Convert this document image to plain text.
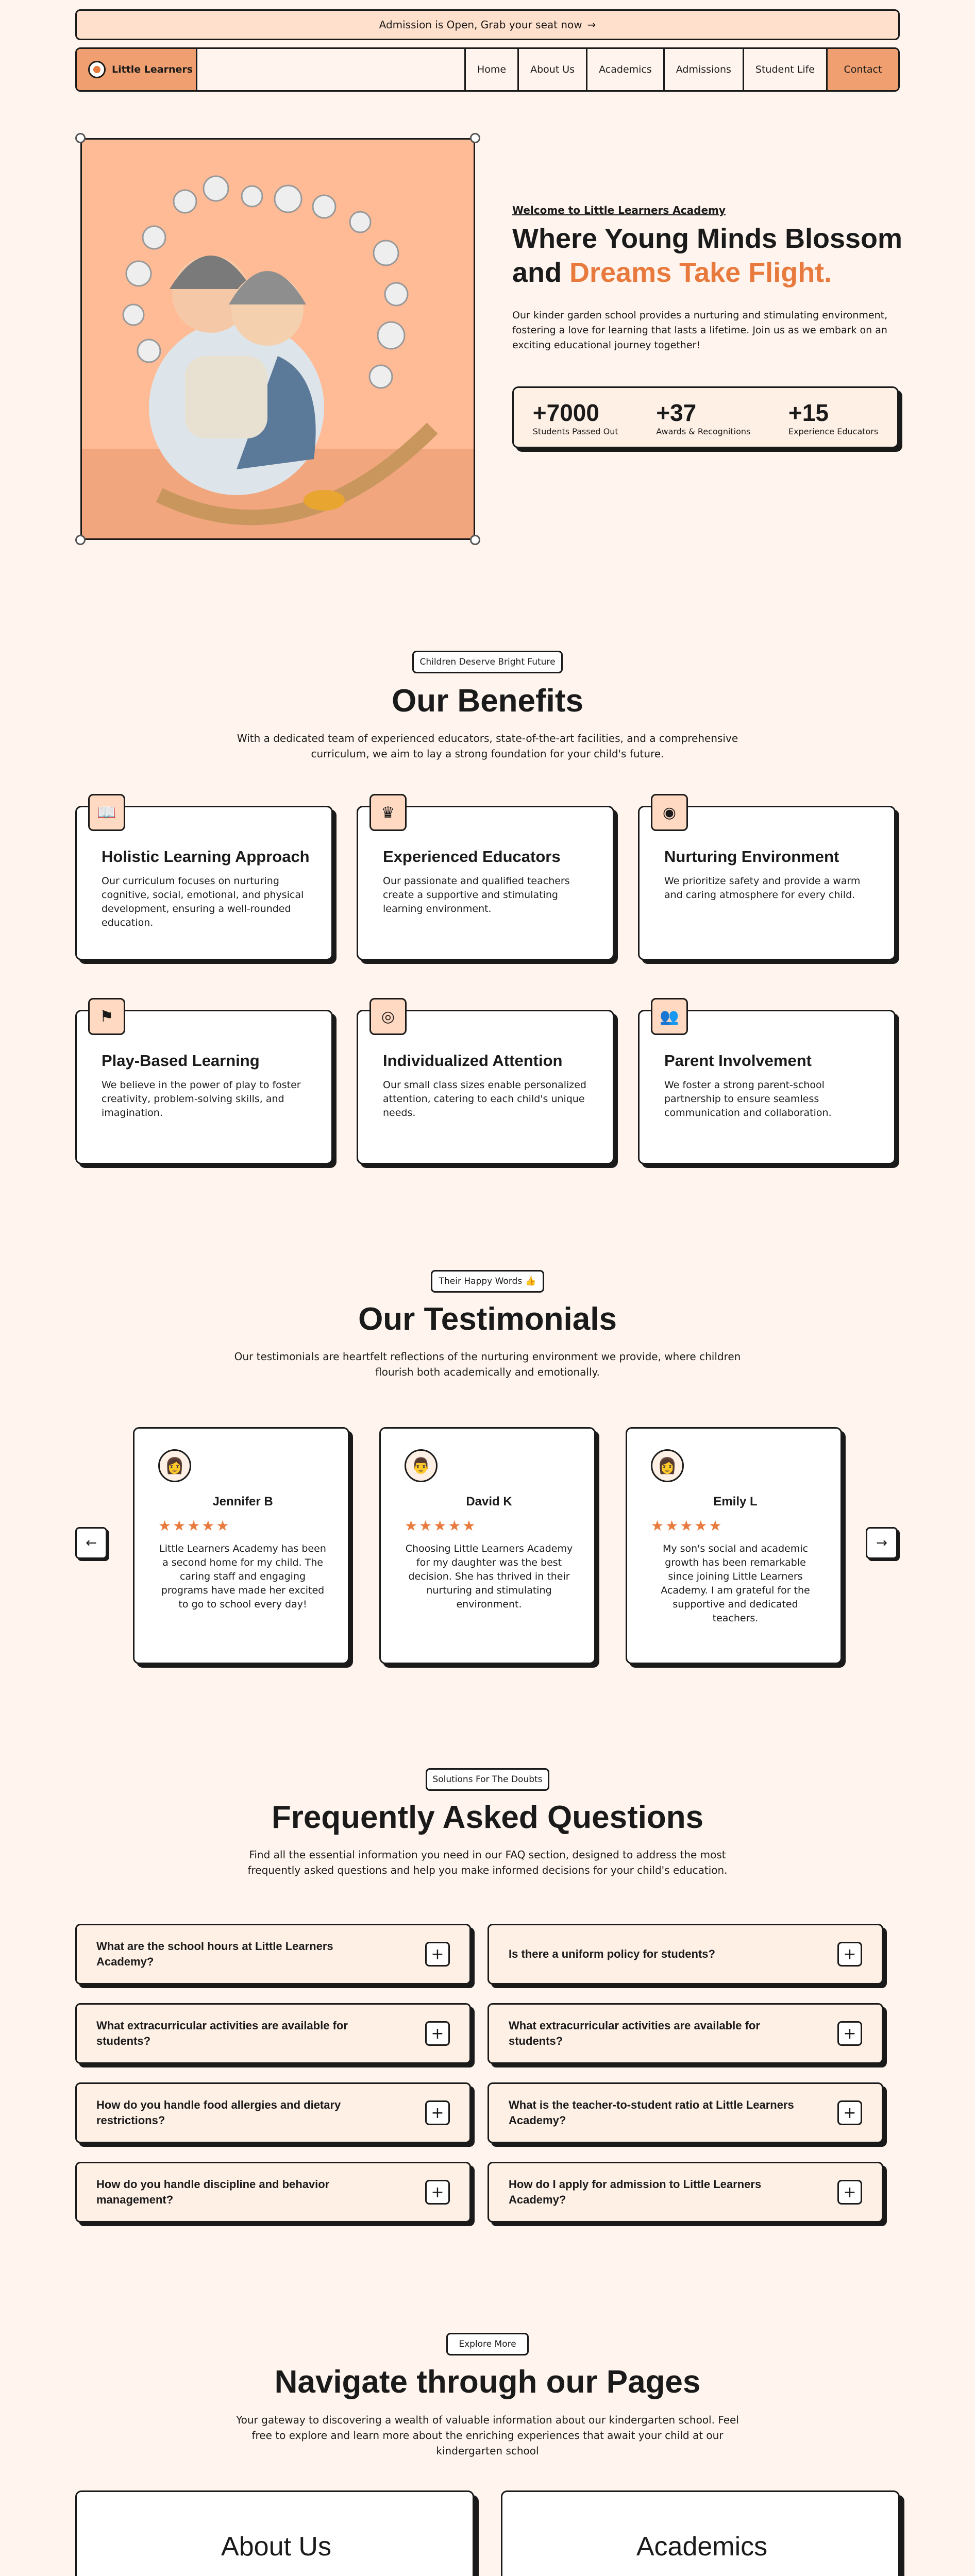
Admission is Open, Grab your seat now →
Little Learners	Home	About Us	Academics	Admissions	Student Life	Contact
Welcome to Little Learners Academy
Where Young Minds Blossom
and Dreams Take Flight.
Our kinder garden school provides a nurturing and stimulating environment, fostering a love for learning that lasts a lifetime. Join us as we embark on an exciting educational journey together!
+7000
Students Passed Out
+37
Awards & Recognitions
+15
Experience Educators
Children Deserve Bright Future
Our Benefits
With a dedicated team of experienced educators, state-of-the-art facilities, and a comprehensive curriculum, we aim to lay a strong foundation for your child's future.
📖
Holistic Learning Approach
Our curriculum focuses on nurturing cognitive, social, emotional, and physical development, ensuring a well-rounded education.
♛
Experienced Educators
Our passionate and qualified teachers create a supportive and stimulating learning environment.
◉
Nurturing Environment
We prioritize safety and provide a warm and caring atmosphere for every child.
⚑
Play-Based Learning
We believe in the power of play to foster creativity, problem-solving skills, and imagination.
◎
Individualized Attention
Our small class sizes enable personalized attention, catering to each child's unique needs.
👥
Parent Involvement
We foster a strong parent-school partnership to ensure seamless communication and collaboration.
Their Happy Words 👍
Our Testimonials
Our testimonials are heartfelt reflections of the nurturing environment we provide, where children flourish both academically and emotionally.
←	→
👩
Jennifer B
★★★★★
Little Learners Academy has been a second home for my child. The caring staff and engaging programs have made her excited to go to school every day!
👨
David K
★★★★★
Choosing Little Learners Academy for my daughter was the best decision. She has thrived in their nurturing and stimulating environment.
👩
Emily L
★★★★★
My son's social and academic growth has been remarkable since joining Little Learners Academy. I am grateful for the supportive and dedicated teachers.
Solutions For The Doubts
Frequently Asked Questions
Find all the essential information you need in our FAQ section, designed to address the most frequently asked questions and help you make informed decisions for your child's education.
What are the school hours at Little Learners Academy?	+	Is there a uniform policy for students?	+
What extracurricular activities are available for students?	+	What extracurricular activities are available for students?	+
How do you handle food allergies and dietary restrictions?	+	What is the teacher-to-student ratio at Little Learners Academy?	+
How do you handle discipline and behavior management?	+	How do I apply for admission to Little Learners Academy?	+
Explore More
Navigate through our Pages
Your gateway to discovering a wealth of valuable information about our kindergarten school. Feel free to explore and learn more about the enriching experiences that await your child at our kindergarten school
About Us	Academics
